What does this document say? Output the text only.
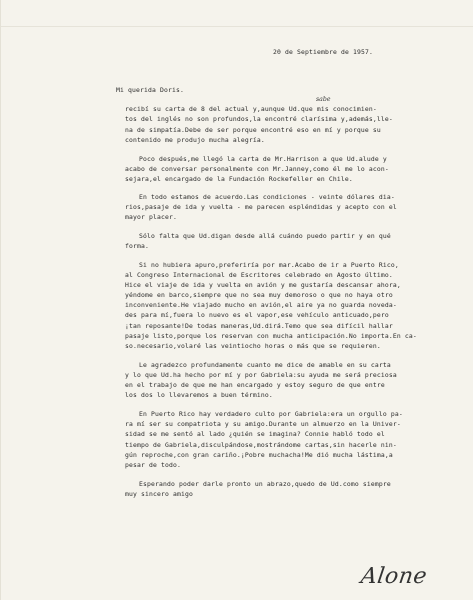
20 de Septiembre de 1957.
Mi querida Doris.
sabe
recibí su carta de 8 del actual y,aunque Ud.que mis conocimien-
tos del inglés no son profundos,la encontré clarísima y,además,lle-
na de simpatía.Debe de ser porque encontré eso en mí y porque su
contenido me produjo mucha alegría.
Poco después,me llegó la carta de Mr.Harrison a que Ud.alude y
acabo de conversar personalmente con Mr.Janney,como él me lo acon-
sejara,el encargado de la Fundación Rockefeller en Chile.
En todo estamos de acuerdo.Las condiciones - veinte dólares dia-
rios,pasaje de ida y vuelta - me parecen espléndidas y acepto con el
mayor placer.
Sólo falta que Ud.digan desde allá cuándo puedo partir y en qué
forma.
Si no hubiera apuro,preferiría por mar.Acabo de ir a Puerto Rico,
al Congreso Internacional de Escritores celebrado en Agosto último.
Hice el viaje de ida y vuelta en avión y me gustaría descansar ahora,
yéndome en barco,siempre que no sea muy demoroso o que no haya otro
inconveniente.He viajado mucho en avión,el aire ya no guarda noveda-
des para mí,fuera lo nuevo es el vapor,ese vehículo anticuado,pero
¡tan reposante!De todas maneras,Ud.dirá.Temo que sea difícil hallar
pasaje listo,porque los reservan con mucha anticipación.No importa.En ca-
so.necesario,volaré las veintiocho horas o más que se requieren.
Le agradezco profundamente cuanto me dice de amable en su carta
y lo que Ud.ha hecho por mí y por Gabriela:su ayuda me será preciosa
en el trabajo de que me han encargado y estoy seguro de que entre
los dos lo llevaremos a buen término.
En Puerto Rico hay verdadero culto por Gabriela:era un orgullo pa-
ra mí ser su compatriota y su amigo.Durante un almuerzo en la Univer-
sidad se me sentó al lado ¿quién se imagina? Connie habló todo el
tiempo de Gabriela,disculpándose,mostrándome cartas,sin hacerle nin-
gún reproche,con gran cariño.¡Pobre muchacha!Me dió mucha lástima,a
pesar de todo.
Esperando poder darle pronto un abrazo,quedo de Ud.como siempre
muy sincero amigo
Alone
